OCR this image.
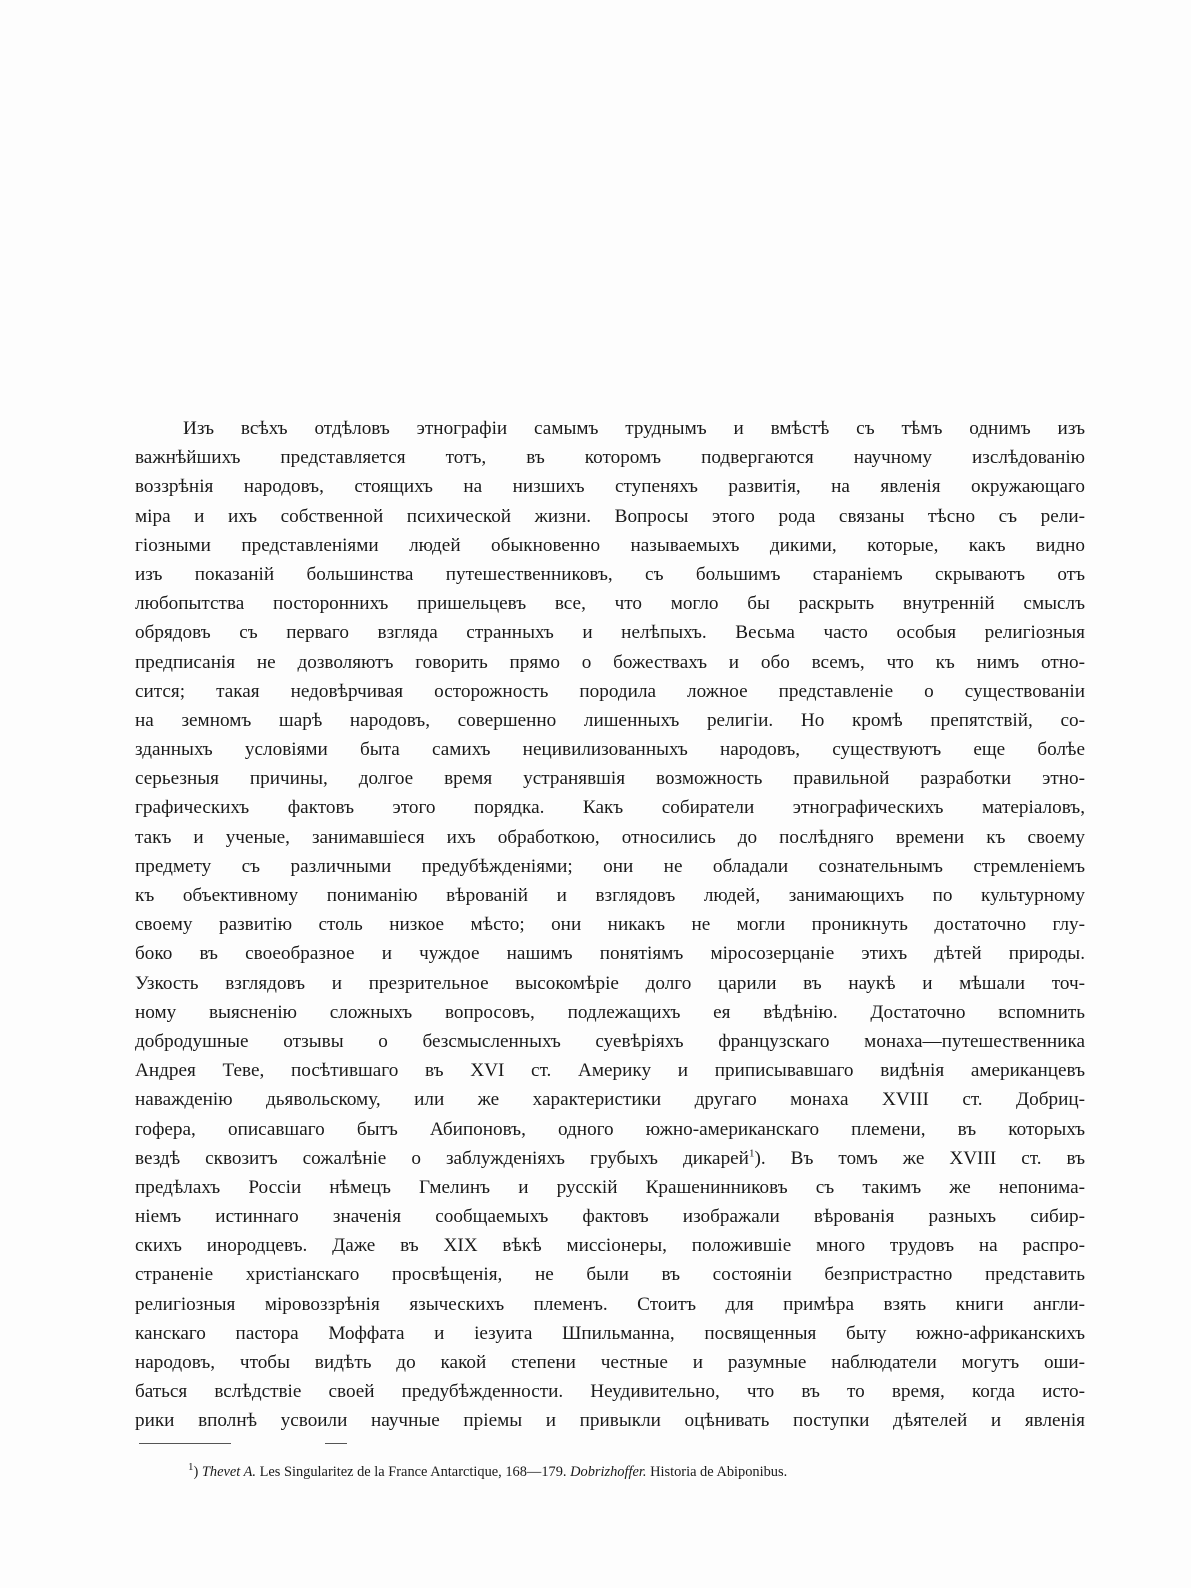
Изъ всѣхъ отдѣловъ этнографіи самымъ труднымъ и вмѣстѣ съ тѣмъ однимъ изъ
важнѣйшихъ представляется тотъ, въ которомъ подвергаются научному изслѣдованію
воззрѣнія народовъ, стоящихъ на низшихъ ступеняхъ развитія, на явленія окружающаго
міра и ихъ собственной психической жизни. Вопросы этого рода связаны тѣсно съ рели-
гіозными представленіями людей обыкновенно называемыхъ дикими, которые, какъ видно
изъ показаній большинства путешественниковъ, съ большимъ стараніемъ скрываютъ отъ
любопытства постороннихъ пришельцевъ все, что могло бы раскрыть внутренній смыслъ
обрядовъ съ перваго взгляда странныхъ и нелѣпыхъ. Весьма часто особыя религіозныя
предписанія не дозволяютъ говорить прямо о божествахъ и обо всемъ, что къ нимъ отно-
сится; такая недовѣрчивая осторожность породила ложное представленіе о существованіи
на земномъ шарѣ народовъ, совершенно лишенныхъ религіи. Но кромѣ препятствій, со-
зданныхъ условіями быта самихъ нецивилизованныхъ народовъ, существуютъ еще болѣе
серьезныя причины, долгое время устранявшія возможность правильной разработки этно-
графическихъ фактовъ этого порядка. Какъ собиратели этнографическихъ матеріаловъ,
такъ и ученые, занимавшіеся ихъ обработкою, относились до послѣдняго времени къ своему
предмету съ различными предубѣжденіями; они не обладали сознательнымъ стремленіемъ
къ объективному пониманію вѣрованій и взглядовъ людей, занимающихъ по культурному
своему развитію столь низкое мѣсто; они никакъ не могли проникнуть достаточно глу-
боко въ своеобразное и чуждое нашимъ понятіямъ міросозерцаніе этихъ дѣтей природы.
Узкость взглядовъ и презрительное высокомѣріе долго царили въ наукѣ и мѣшали точ-
ному выясненію сложныхъ вопросовъ, подлежащихъ ея вѣдѣнію. Достаточно вспомнить
добродушные отзывы о безсмысленныхъ суевѣріяхъ французскаго монаха—путешественника
Андрея Теве, посѣтившаго въ XVI ст. Америку и приписывавшаго видѣнія американцевъ
наважденію дьявольскому, или же характеристики другаго монаха XVIII ст. Добриц-
гофера, описавшаго бытъ Абипоновъ, одного южно-американскаго племени, въ которыхъ
вездѣ сквозитъ сожалѣніе о заблужденіяхъ грубыхъ дикарей$^1$). Въ томъ же XVIII ст. въ
предѣлахъ Россіи нѣмецъ Гмелинъ и русскій Крашенинниковъ съ такимъ же непонима-
ніемъ истиннаго значенія сообщаемыхъ фактовъ изображали вѣрованія разныхъ сибир-
скихъ инородцевъ. Даже въ XIX вѣкѣ миссіонеры, положившіе много трудовъ на распро-
страненіе христіанскаго просвѣщенія, не были въ состояніи безпристрастно представить
религіозныя міровоззрѣнія языческихъ племенъ. Стоитъ для примѣра взять книги англи-
канскаго пастора Моффата и іезуита Шпильманна, посвященныя быту южно-африканскихъ
народовъ, чтобы видѣть до какой степени честные и разумные наблюдатели могутъ оши-
баться вслѣдствіе своей предубѣжденности. Неудивительно, что въ то время, когда исто-
рики вполнѣ усвоили научные пріемы и привыкли оцѣнивать поступки дѣятелей и явленія
$^1$) Thevet A. Les Singularitez de la France Antarctique, 168—179. Dobrizhoffer. Historia de Abiponibus.
